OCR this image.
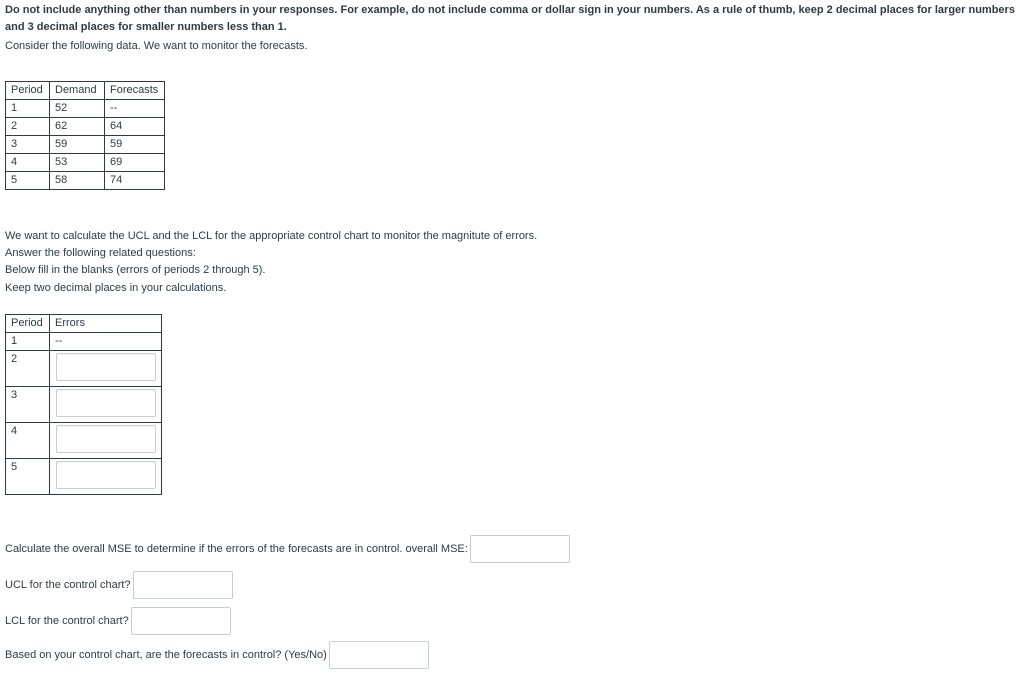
Do not include anything other than numbers in your responses. For example, do not include comma or dollar sign in your numbers. As a rule of thumb, keep 2 decimal places for larger numbers and 3 decimal places for smaller numbers less than 1.
Consider the following data. We want to monitor the forecasts.
Period	Demand	Forecasts
1	52	--
2	62	64
3	59	59
4	53	69
5	58	74
We want to calculate the UCL and the LCL for the appropriate control chart to monitor the magnitute of errors.
Answer the following related questions:
Below fill in the blanks (errors of periods 2 through 5).
Keep two decimal places in your calculations.
Period	Errors
1	--
2	

3	

4	

5	
Calculate the overall MSE to determine if the errors of the forecasts are in control. overall MSE:
UCL for the control chart?
LCL for the control chart?
Based on your control chart, are the forecasts in control? (Yes/No)
